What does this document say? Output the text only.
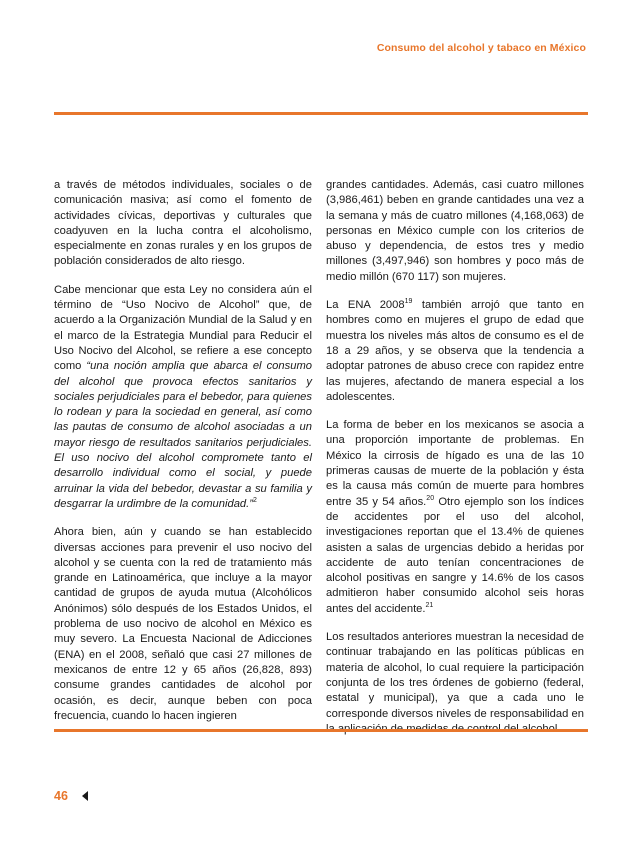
Consumo del alcohol y tabaco en México

a través de métodos individuales, sociales o de comunicación masiva; así como el fomento de actividades cívicas, deportivas y culturales que coadyuven en la lucha contra el alcoholismo, especialmente en zonas rurales y en los grupos de población considerados de alto riesgo.

Cabe mencionar que esta Ley no considera aún el término de “Uso Nocivo de Alcohol” que, de acuerdo a la Organización Mundial de la Salud y en el marco de la Estrategia Mundial para Reducir el Uso Nocivo del Alcohol, se refiere a ese concepto como “una noción amplia que abarca el consumo del alcohol que provoca efectos sanitarios y sociales perjudiciales para el bebedor, para quienes lo rodean y para la sociedad en general, así como las pautas de consumo de alcohol asociadas a un mayor riesgo de resultados sanitarios perjudiciales. El uso nocivo del alcohol compromete tanto el desarrollo individual como el social, y puede arruinar la vida del bebedor, devastar a su familia y desgarrar la urdimbre de la comunidad.”$^2$

Ahora bien, aún y cuando se han establecido diversas acciones para prevenir el uso nocivo del alcohol y se cuenta con la red de tratamiento más grande en Latinoamérica, que incluye a la mayor cantidad de grupos de ayuda mutua (Alcohólicos Anónimos) sólo después de los Estados Unidos, el problema de uso nocivo de alcohol en México es muy severo. La Encuesta Nacional de Adicciones (ENA) en el 2008, señaló que casi 27 millones de mexicanos de entre 12 y 65 años (26,828, 893) consume grandes cantidades de alcohol por ocasión, es decir, aunque beben con poca frecuencia, cuando lo hacen ingieren

grandes cantidades. Además, casi cuatro millones (3,986,461) beben en grande cantidades una vez a la semana y más de cuatro millones (4,168,063) de personas en México cumple con los criterios de abuso y dependencia, de estos tres y medio millones (3,497,946) son hombres y poco más de medio millón (670 117) son mujeres.

La ENA 2008$^{19}$ también arrojó que tanto en hombres como en mujeres el grupo de edad que muestra los niveles más altos de consumo es el de 18 a 29 años, y se observa que la tendencia a adoptar patrones de abuso crece con rapidez entre las mujeres, afectando de manera especial a los adolescentes.

La forma de beber en los mexicanos se asocia a una proporción importante de problemas. En México la cirrosis de hígado es una de las 10 primeras causas de muerte de la población y ésta es la causa más común de muerte para hombres entre 35 y 54 años.$^{20}$ Otro ejemplo son los índices de accidentes por el uso del alcohol, investigaciones reportan que el 13.4% de quienes asisten a salas de urgencias debido a heridas por accidente de auto tenían concentraciones de alcohol positivas en sangre y 14.6% de los casos admitieron haber consumido alcohol seis horas antes del accidente.$^{21}$

Los resultados anteriores muestran la necesidad de continuar trabajando en las políticas públicas en materia de alcohol, lo cual requiere la participación conjunta de los tres órdenes de gobierno (federal, estatal y municipal), ya que a cada uno le corresponde diversos niveles de responsabilidad en

46
